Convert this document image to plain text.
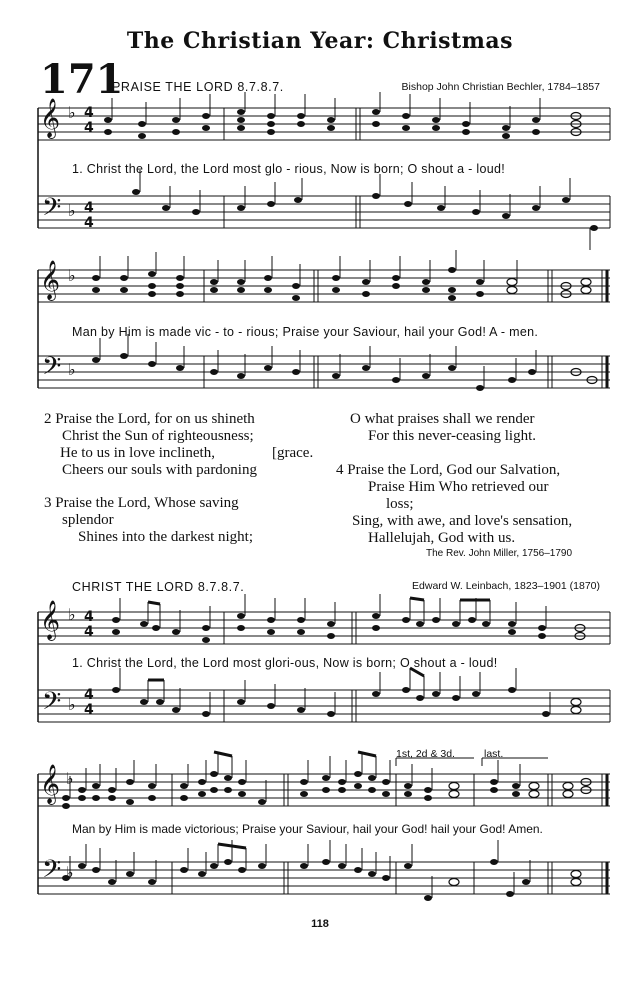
The Christian Year: Christmas
171
PRAISE THE LORD 8.7.8.7.	Bishop John Christian Bechler, 1784–1857
𝄞 ♭ 4
4
𝄢 ♭ 4
4
1. Christ the Lord, the Lord most glo - rious, Now is born; O shout a - loud!
𝄞 ♭
𝄢 ♭
Man by Him is made vic - to - rious; Praise your Saviour, hail your God! A - men.
2 Praise the Lord, for on us shineth
Christ the Sun of righteousness;
He to us in love inclineth,
Cheers our souls with pardoning
[grace.
3 Praise the Lord, Whose saving
splendor
Shines into the darkest night;
O what praises shall we render
For this never-ceasing light.
4 Praise the Lord, God our Salvation,
Praise Him Who retrieved our
loss;
Sing, with awe, and love's sensation,
Hallelujah, God with us.
The Rev. John Miller, 1756–1790
CHRIST THE LORD 8.7.8.7.	Edward W. Leinbach, 1823–1901 (1870)
𝄞 ♭ 4
4
𝄢 ♭ 4
4
1. Christ the Lord, the Lord most glori-ous, Now is born; O shout a - loud!
1st, 2d & 3d.	last.
𝄞 ♭
𝄢 ♭
Man by Him is made victorious; Praise your Saviour, hail your God! hail your God! Amen.
118
